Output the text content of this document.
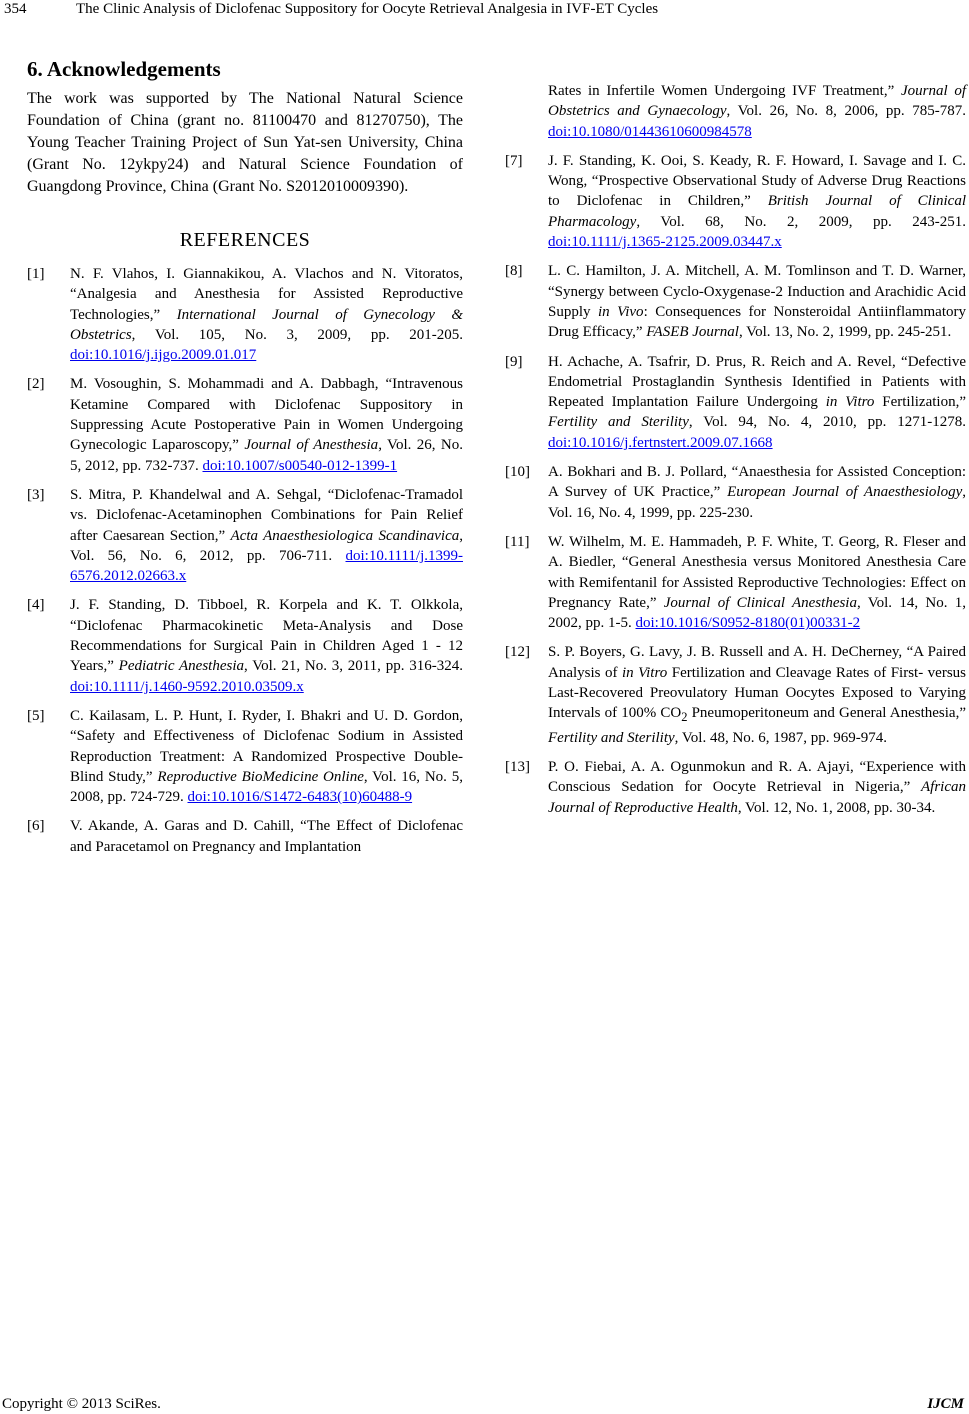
354	The Clinic Analysis of Diclofenac Suppository for Oocyte Retrieval Analgesia in IVF-ET Cycles
6. Acknowledgements

The work was supported by The National Natural Science Foundation of China (grant no. 81100470 and 81270750), The Young Teacher Training Project of Sun Yat-sen University, China (Grant No. 12ykpy24) and Natural Science Foundation of Guangdong Province, China (Grant No. S2012010009390).

REFERENCES
[1] N. F. Vlahos, I. Giannakikou, A. Vlachos and N. Vitoratos, “Analgesia and Anesthesia for Assisted Reproductive Technologies,” International Journal of Gynecology & Obstetrics, Vol. 105, No. 3, 2009, pp. 201-205. doi:10.1016/j.ijgo.2009.01.017
[2] M. Vosoughin, S. Mohammadi and A. Dabbagh, “Intravenous Ketamine Compared with Diclofenac Suppository in Suppressing Acute Postoperative Pain in Women Undergoing Gynecologic Laparoscopy,” Journal of Anesthesia, Vol. 26, No. 5, 2012, pp. 732-737. doi:10.1007/s00540-012-1399-1
[3] S. Mitra, P. Khandelwal and A. Sehgal, “Diclofenac-Tramadol vs. Diclofenac-Acetaminophen Combinations for Pain Relief after Caesarean Section,” Acta Anaesthesiologica Scandinavica, Vol. 56, No. 6, 2012, pp. 706-711. doi:10.1111/j.1399-6576.2012.02663.x
[4] J. F. Standing, D. Tibboel, R. Korpela and K. T. Olkkola, “Diclofenac Pharmacokinetic Meta-Analysis and Dose Recommendations for Surgical Pain in Children Aged 1 - 12 Years,” Pediatric Anesthesia, Vol. 21, No. 3, 2011, pp. 316-324. doi:10.1111/j.1460-9592.2010.03509.x
[5] C. Kailasam, L. P. Hunt, I. Ryder, I. Bhakri and U. D. Gordon, “Safety and Effectiveness of Diclofenac Sodium in Assisted Reproduction Treatment: A Randomized Prospective Double-Blind Study,” Reproductive BioMedicine Online, Vol. 16, No. 5, 2008, pp. 724-729. doi:10.1016/S1472-6483(10)60488-9
[6] V. Akande, A. Garas and D. Cahill, “The Effect of Diclofenac and Paracetamol on Pregnancy and Implantation
Rates in Infertile Women Undergoing IVF Treatment,” Journal of Obstetrics and Gynaecology, Vol. 26, No. 8, 2006, pp. 785-787. doi:10.1080/01443610600984578
[7] J. F. Standing, K. Ooi, S. Keady, R. F. Howard, I. Savage and I. C. Wong, “Prospective Observational Study of Adverse Drug Reactions to Diclofenac in Children,” British Journal of Clinical Pharmacology, Vol. 68, No. 2, 2009, pp. 243-251. doi:10.1111/j.1365-2125.2009.03447.x
[8] L. C. Hamilton, J. A. Mitchell, A. M. Tomlinson and T. D. Warner, “Synergy between Cyclo-Oxygenase-2 Induction and Arachidic Acid Supply in Vivo: Consequences for Nonsteroidal Antiinflammatory Drug Efficacy,” FASEB Journal, Vol. 13, No. 2, 1999, pp. 245-251.
[9] H. Achache, A. Tsafrir, D. Prus, R. Reich and A. Revel, “Defective Endometrial Prostaglandin Synthesis Identified in Patients with Repeated Implantation Failure Undergoing in Vitro Fertilization,” Fertility and Sterility, Vol. 94, No. 4, 2010, pp. 1271-1278. doi:10.1016/j.fertnstert.2009.07.1668
[10] A. Bokhari and B. J. Pollard, “Anaesthesia for Assisted Conception: A Survey of UK Practice,” European Journal of Anaesthesiology, Vol. 16, No. 4, 1999, pp. 225-230.
[11] W. Wilhelm, M. E. Hammadeh, P. F. White, T. Georg, R. Fleser and A. Biedler, “General Anesthesia versus Monitored Anesthesia Care with Remifentanil for Assisted Reproductive Technologies: Effect on Pregnancy Rate,” Journal of Clinical Anesthesia, Vol. 14, No. 1, 2002, pp. 1-5. doi:10.1016/S0952-8180(01)00331-2
[12] S. P. Boyers, G. Lavy, J. B. Russell and A. H. DeCherney, “A Paired Analysis of in Vitro Fertilization and Cleavage Rates of First- versus Last-Recovered Preovulatory Human Oocytes Exposed to Varying Intervals of 100% $CO_2$ Pneumoperitoneum and General Anesthesia,” Fertility and Sterility, Vol. 48, No. 6, 1987, pp. 969-974.
[13] P. O. Fiebai, A. A. Ogunmokun and R. A. Ajayi, “Experience with Conscious Sedation for Oocyte Retrieval in Nigeria,” African Journal of Reproductive Health, Vol. 12, No. 1, 2008, pp. 30-34.
Copyright © 2013 SciRes.	IJCM
